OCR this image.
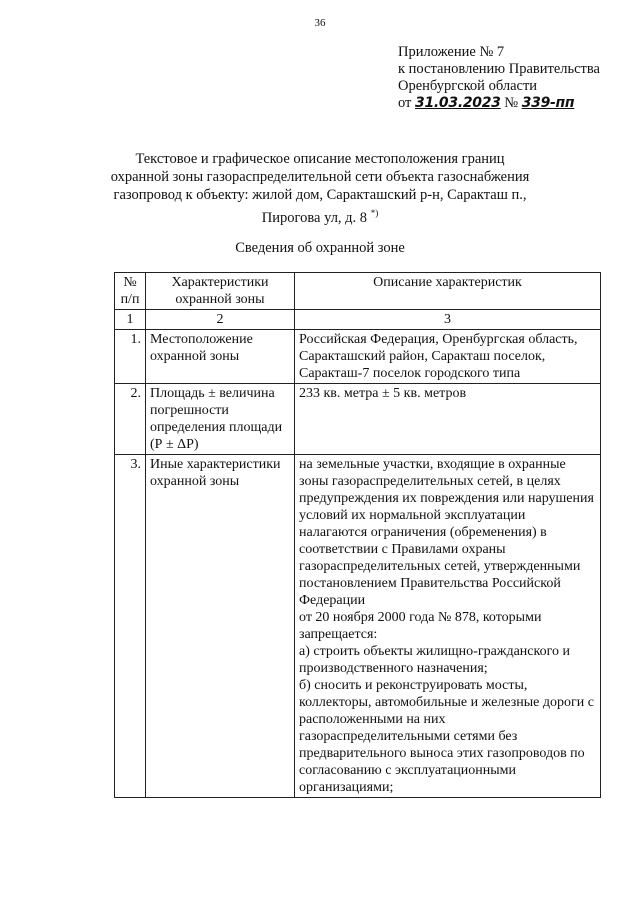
36
Приложение № 7
к постановлению Правительства
Оренбургской области
от 31.03.2023 № 339-пп
Текстовое и графическое описание местоположения границ
охранной зоны газораспределительной сети объекта газоснабжения
газопровод к объекту: жилой дом, Саракташский р-н, Саракташ п.,
Пирогова ул, д. 8 *)
Сведения об охранной зоне
№ п/п	Характеристики охранной зоны	Описание характеристик
1	2	3
1.	Местоположение охранной зоны	Российская Федерация, Оренбургская область, Саракташский район, Саракташ поселок, Саракташ-7 поселок городского типа
2.	Площадь ± величина погрешности определения площади (Р ± ΔР)	233 кв. метра ± 5 кв. метров
3.	Иные характеристики охранной зоны	на земельные участки, входящие в охранные зоны газораспределительных сетей, в целях предупреждения их повреждения или нарушения условий их нормальной эксплуатации налагаются ограничения (обременения) в соответствии с Правилами охраны газораспределительных сетей, утвержденными постановлением Правительства Российской Федерации
от 20 ноября 2000 года № 878, которыми запрещается:
а) строить объекты жилищно-гражданского и производственного назначения;
б) сносить и реконструировать мосты, коллекторы, автомобильные и железные дороги с расположенными на них газораспределительными сетями без предварительного выноса этих газопроводов по согласованию с эксплуатационными организациями;
